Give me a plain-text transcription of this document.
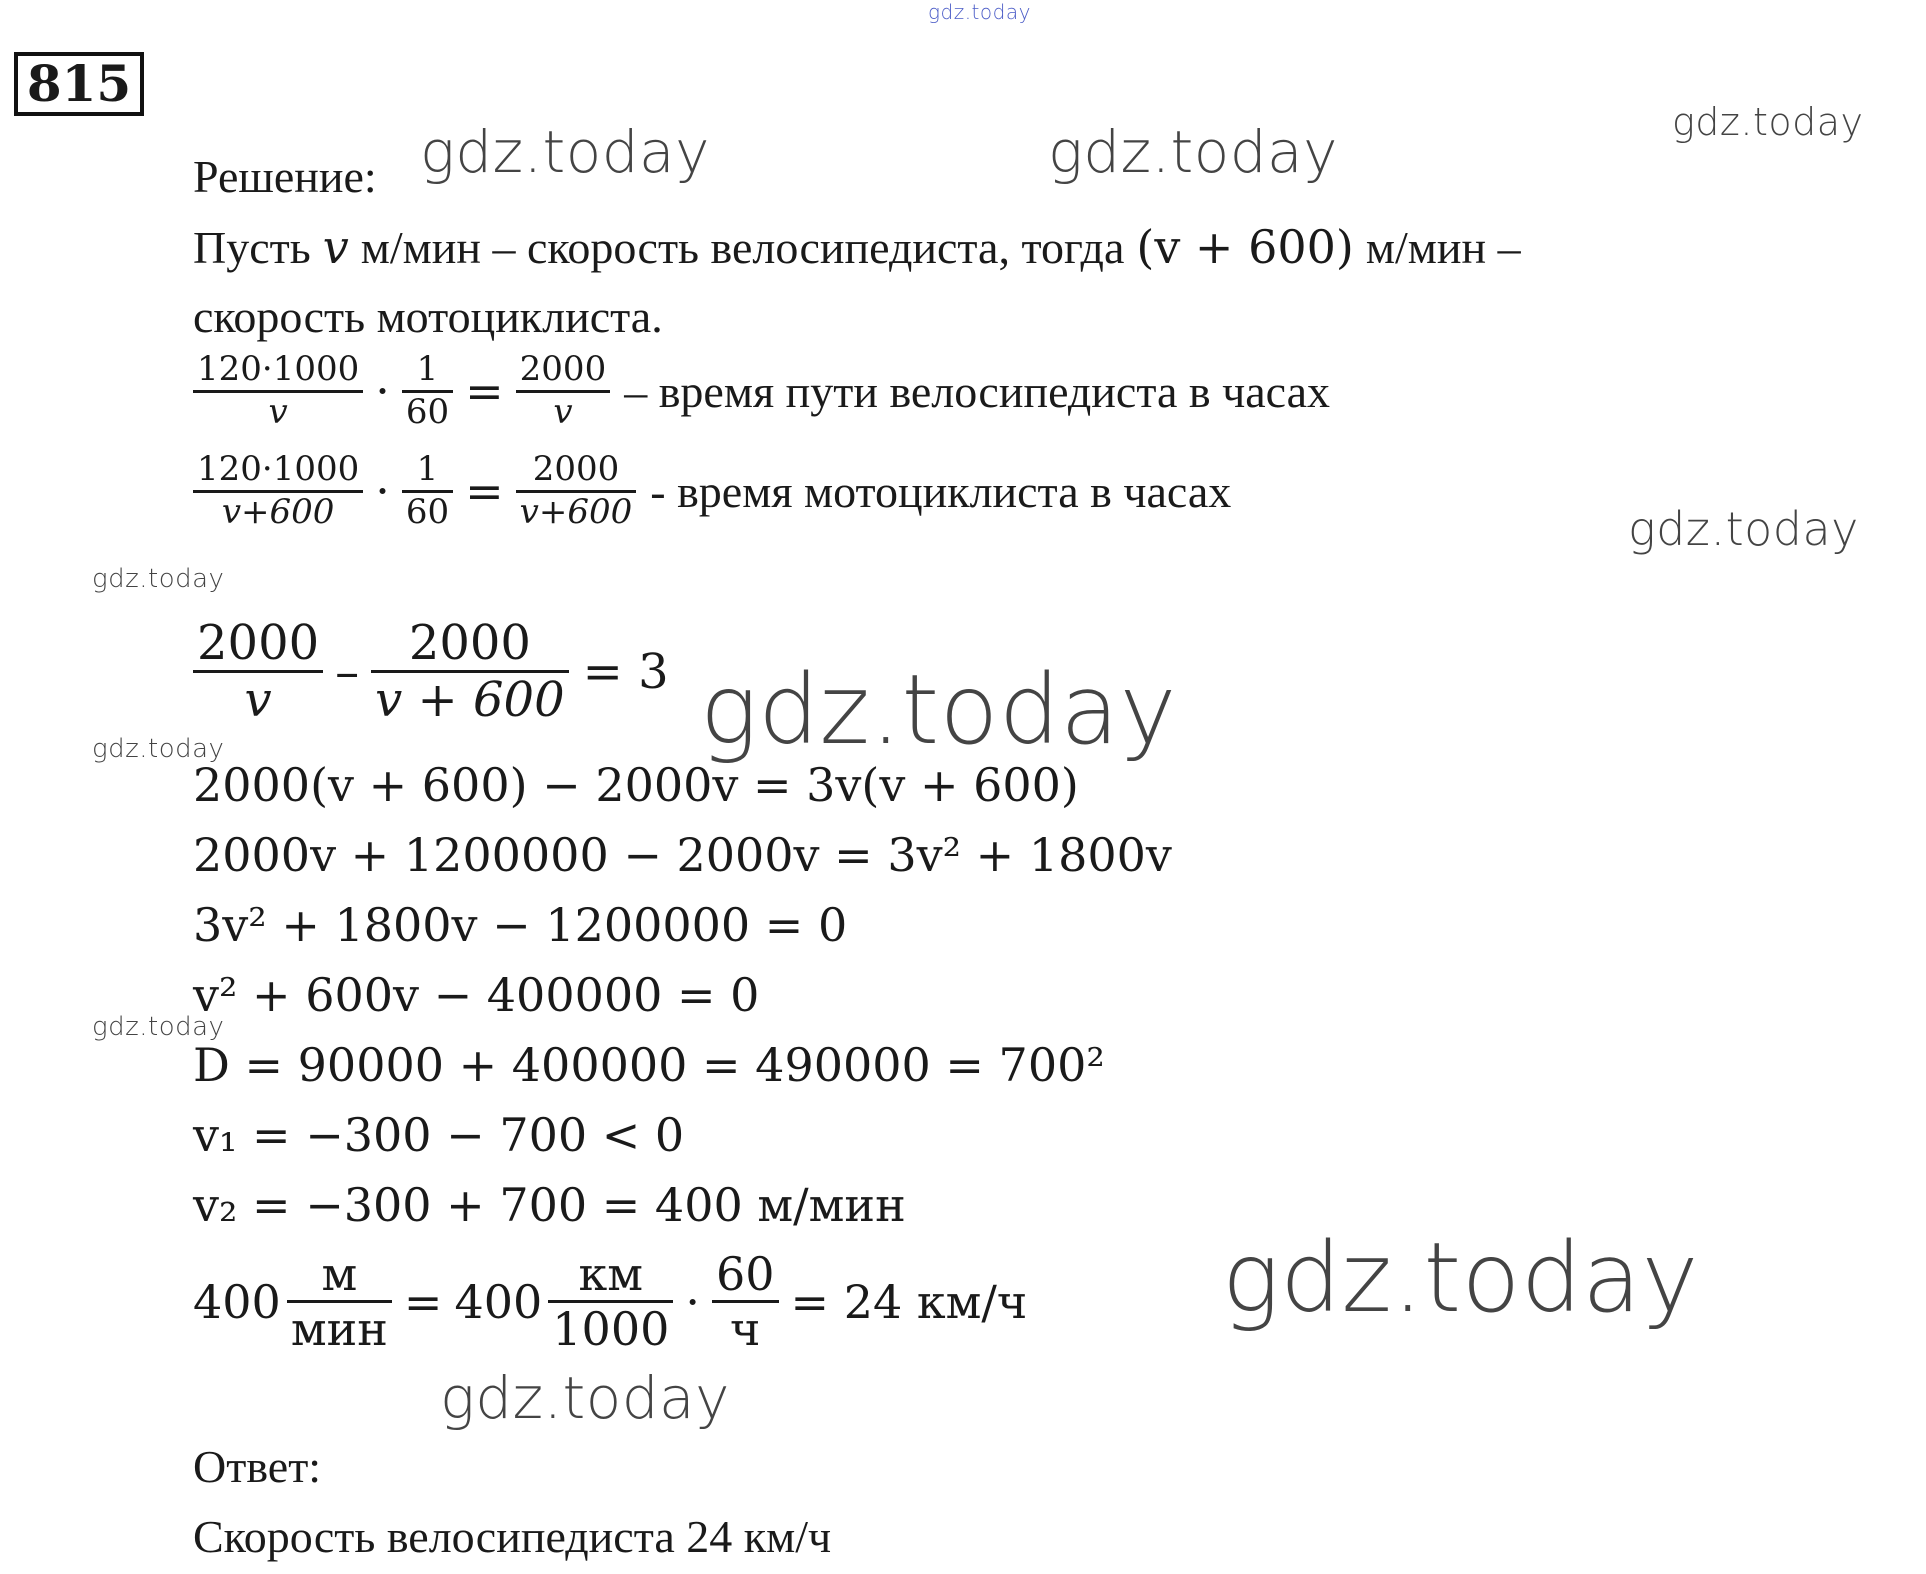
gdz.today
gdz.today	gdz.today	gdz.today
gdz.today
gdz.today
gdz.today
gdz.today
gdz.today
gdz.today
gdz.today
815
Решение:
Пусть v м/мин – скорость велосипедиста, тогда (v + 600) м/мин –
скорость мотоциклиста.
$\frac{120\cdot 1000}{v} \cdot \frac{1}{60} = \frac{2000}{v}$ – время пути велосипедиста в часах
$\frac{120\cdot 1000}{v+600} \cdot \frac{1}{60} = \frac{2000}{v+600}$ - время мотоциклиста в часах
$\frac{2000}{v} - \frac{2000}{v + 600} = 3$
2000(v + 600) − 2000v = 3v(v + 600)
2000v + 1200000 − 2000v = 3v² + 1800v
3v² + 1800v − 1200000 = 0
v² + 600v − 400000 = 0
D = 90000 + 400000 = 490000 = 700²
v₁ = −300 − 700 < 0
v₂ = −300 + 700 = 400 м/мин
$400 \frac{м}{\text{мин}} = 400 \frac{км}{1000} \cdot \frac{60}{ч} = 24$ км/ч
Ответ:
Скорость велосипедиста 24 км/ч
